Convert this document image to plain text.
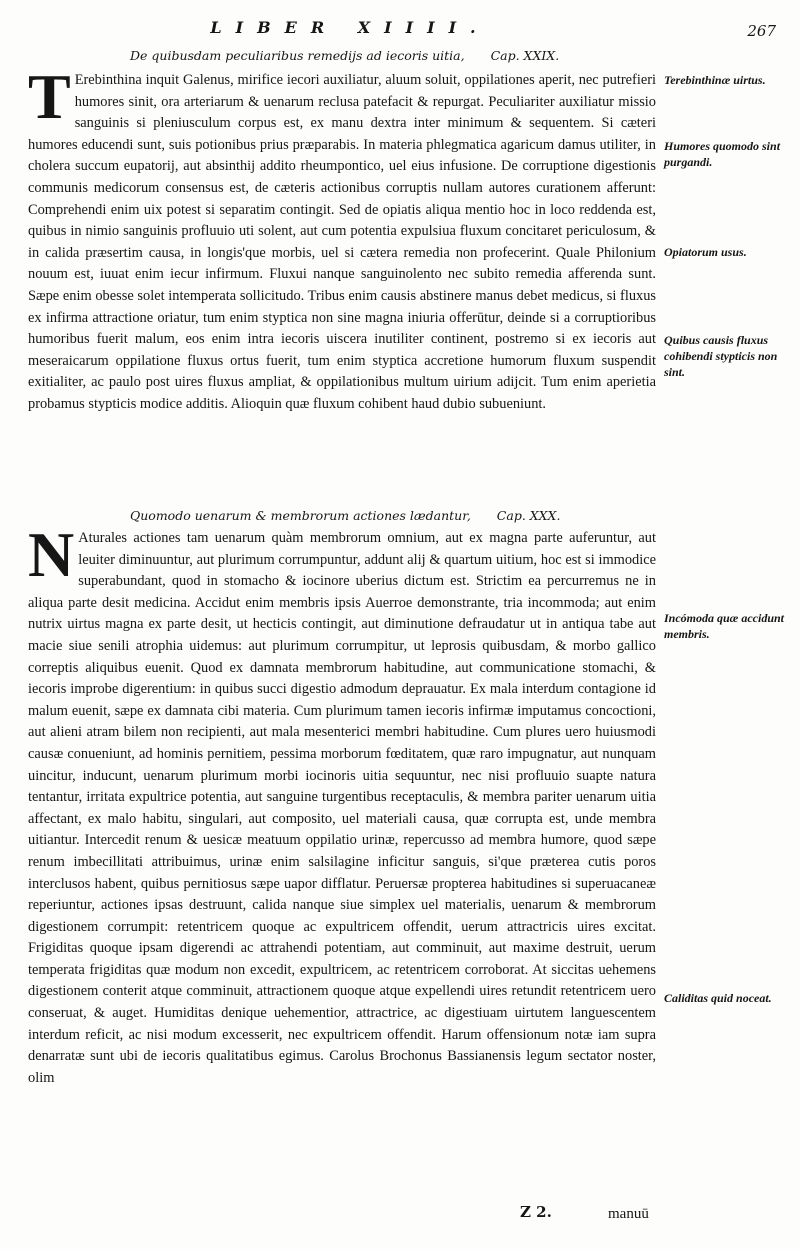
LIBER XIIII.	267
De quibusdam peculiaribus remedijs ad iecoris uitia, Cap. XXIX.
T Erebinthina inquit Galenus, mirifice iecori auxiliatur, aluum soluit, oppilationes aperit, nec putrefieri humores sinit, ora arteriarum & uenarum reclusa patefacit & repurgat. Peculiariter auxiliatur missio sanguinis si pleniusculum corpus est, ex manu dextra inter minimum & sequentem. Si cæteri humores educendi sunt, suis potionibus prius præparabis. In materia phlegmatica agaricum damus utiliter, in cholera succum eupatorij, aut absinthij addito rheumpontico, uel eius infusione. De corruptione digestionis communis medicorum consensus est, de cæteris actionibus corruptis nullam autores curationem afferunt: Comprehendi enim uix potest si separatim contingit. Sed de opiatis aliqua mentio hoc in loco reddenda est, quibus in nimio sanguinis profluuio uti solent, aut cum potentia expulsiua fluxum concitaret periculosum, & in calida præsertim causa, in longis'que morbis, uel si cætera remedia non profecerint. Quale Philonium nouum est, iuuat enim iecur infirmum. Fluxui nanque sanguinolento nec subito remedia afferenda sunt. Sæpe enim obesse solet intemperata sollicitudo. Tribus enim causis abstinere manus debet medicus, si fluxus ex infirma attractione oriatur, tum enim styptica non sine magna iniuria offerūtur, deinde si a corruptioribus humoribus fuerit malum, eos enim intra iecoris uiscera inutiliter continent, postremo si ex iecoris aut meseraicarum oppilatione fluxus ortus fuerit, tum enim styptica accretione humorum fluxum suspendit exitialiter, ac paulo post uires fluxus ampliat, & oppilationibus multum uirium adijcit. Tum enim aperietia probamus stypticis modice additis. Alioquin quæ fluxum cohibent haud dubio subueniunt.
Quomodo uenarum & membrorum actiones lædantur, Cap. XXX.
N Aturales actiones tam uenarum quàm membrorum omnium, aut ex magna parte auferuntur, aut leuiter diminuuntur, aut plurimum corrumpuntur, addunt alij & quartum uitium, hoc est si immodice superabundant, quod in stomacho & iocinore uberius dictum est. Strictim ea percurremus ne in aliqua parte desit medicina. Accidut enim membris ipsis Auerroe demonstrante, tria incommoda; aut enim nutrix uirtus magna ex parte desit, ut hecticis contingit, aut diminutione defraudatur ut in antiqua tabe aut macie siue senili atrophia uidemus: aut plurimum corrumpitur, ut leprosis quibusdam, & morbo gallico correptis aliquibus euenit. Quod ex damnata membrorum habitudine, aut communicatione stomachi, & iecoris improbe digerentium: in quibus succi digestio admodum deprauatur. Ex mala interdum contagione id malum euenit, sæpe ex damnata cibi materia. Cum plurimum tamen iecoris infirmæ imputamus concoctioni, aut alieni atram bilem non recipienti, aut mala mesenterici membri habitudine. Cum plures uero huiusmodi causæ conueniunt, ad hominis pernitiem, pessima morborum fœditatem, quæ raro impugnatur, aut nunquam uincitur, inducunt, uenarum plurimum morbi iocinoris uitia sequuntur, nec nisi profluuio suapte natura tentantur, irritata expultrice potentia, aut sanguine turgentibus receptaculis, & membra pariter uenarum uitia affectant, ex malo habitu, singulari, aut composito, uel materiali causa, quæ corrupta est, unde membra uitiantur. Intercedit renum & uesicæ meatuum oppilatio urinæ, repercusso ad membra humore, quod sæpe renum imbecillitati attribuimus, urinæ enim salsilagine inficitur sanguis, si'que præterea cutis poros interclusos habent, quibus pernitiosus sæpe uapor difflatur. Peruersæ propterea habitudines si superuacaneæ reperiuntur, actiones ipsas destruunt, calida nanque siue simplex uel materialis, uenarum & membrorum digestionem corrumpit: retentricem quoque ac expultricem offendit, uerum attractricis uires excitat. Frigiditas quoque ipsam digerendi ac attrahendi potentiam, aut comminuit, aut maxime destruit, uerum temperata frigiditas quæ modum non excedit, expultricem, ac retentricem corroborat. At siccitas uehemens digestionem conterit atque comminuit, attractionem quoque atque expellendi uires retundit retentricem uero conseruat, & auget. Humiditas denique uehementior, attractrice, ac digestiuam uirtutem languescentem interdum reficit, ac nisi modum excesserit, nec expultricem offendit. Harum offensionum notæ iam supra denarratæ sunt ubi de iecoris qualitatibus egimus. Carolus Brochonus Bassianensis legum sectator noster, olim
Terebinthinæ uirtus.
Humores quomodo sint purgandi.
Opiatorum usus.
Quibus causis fluxus cohibendi stypticis non sint.
Incómoda quæ accidunt membris.
Caliditas quid noceat.
Z 2.	manuū
